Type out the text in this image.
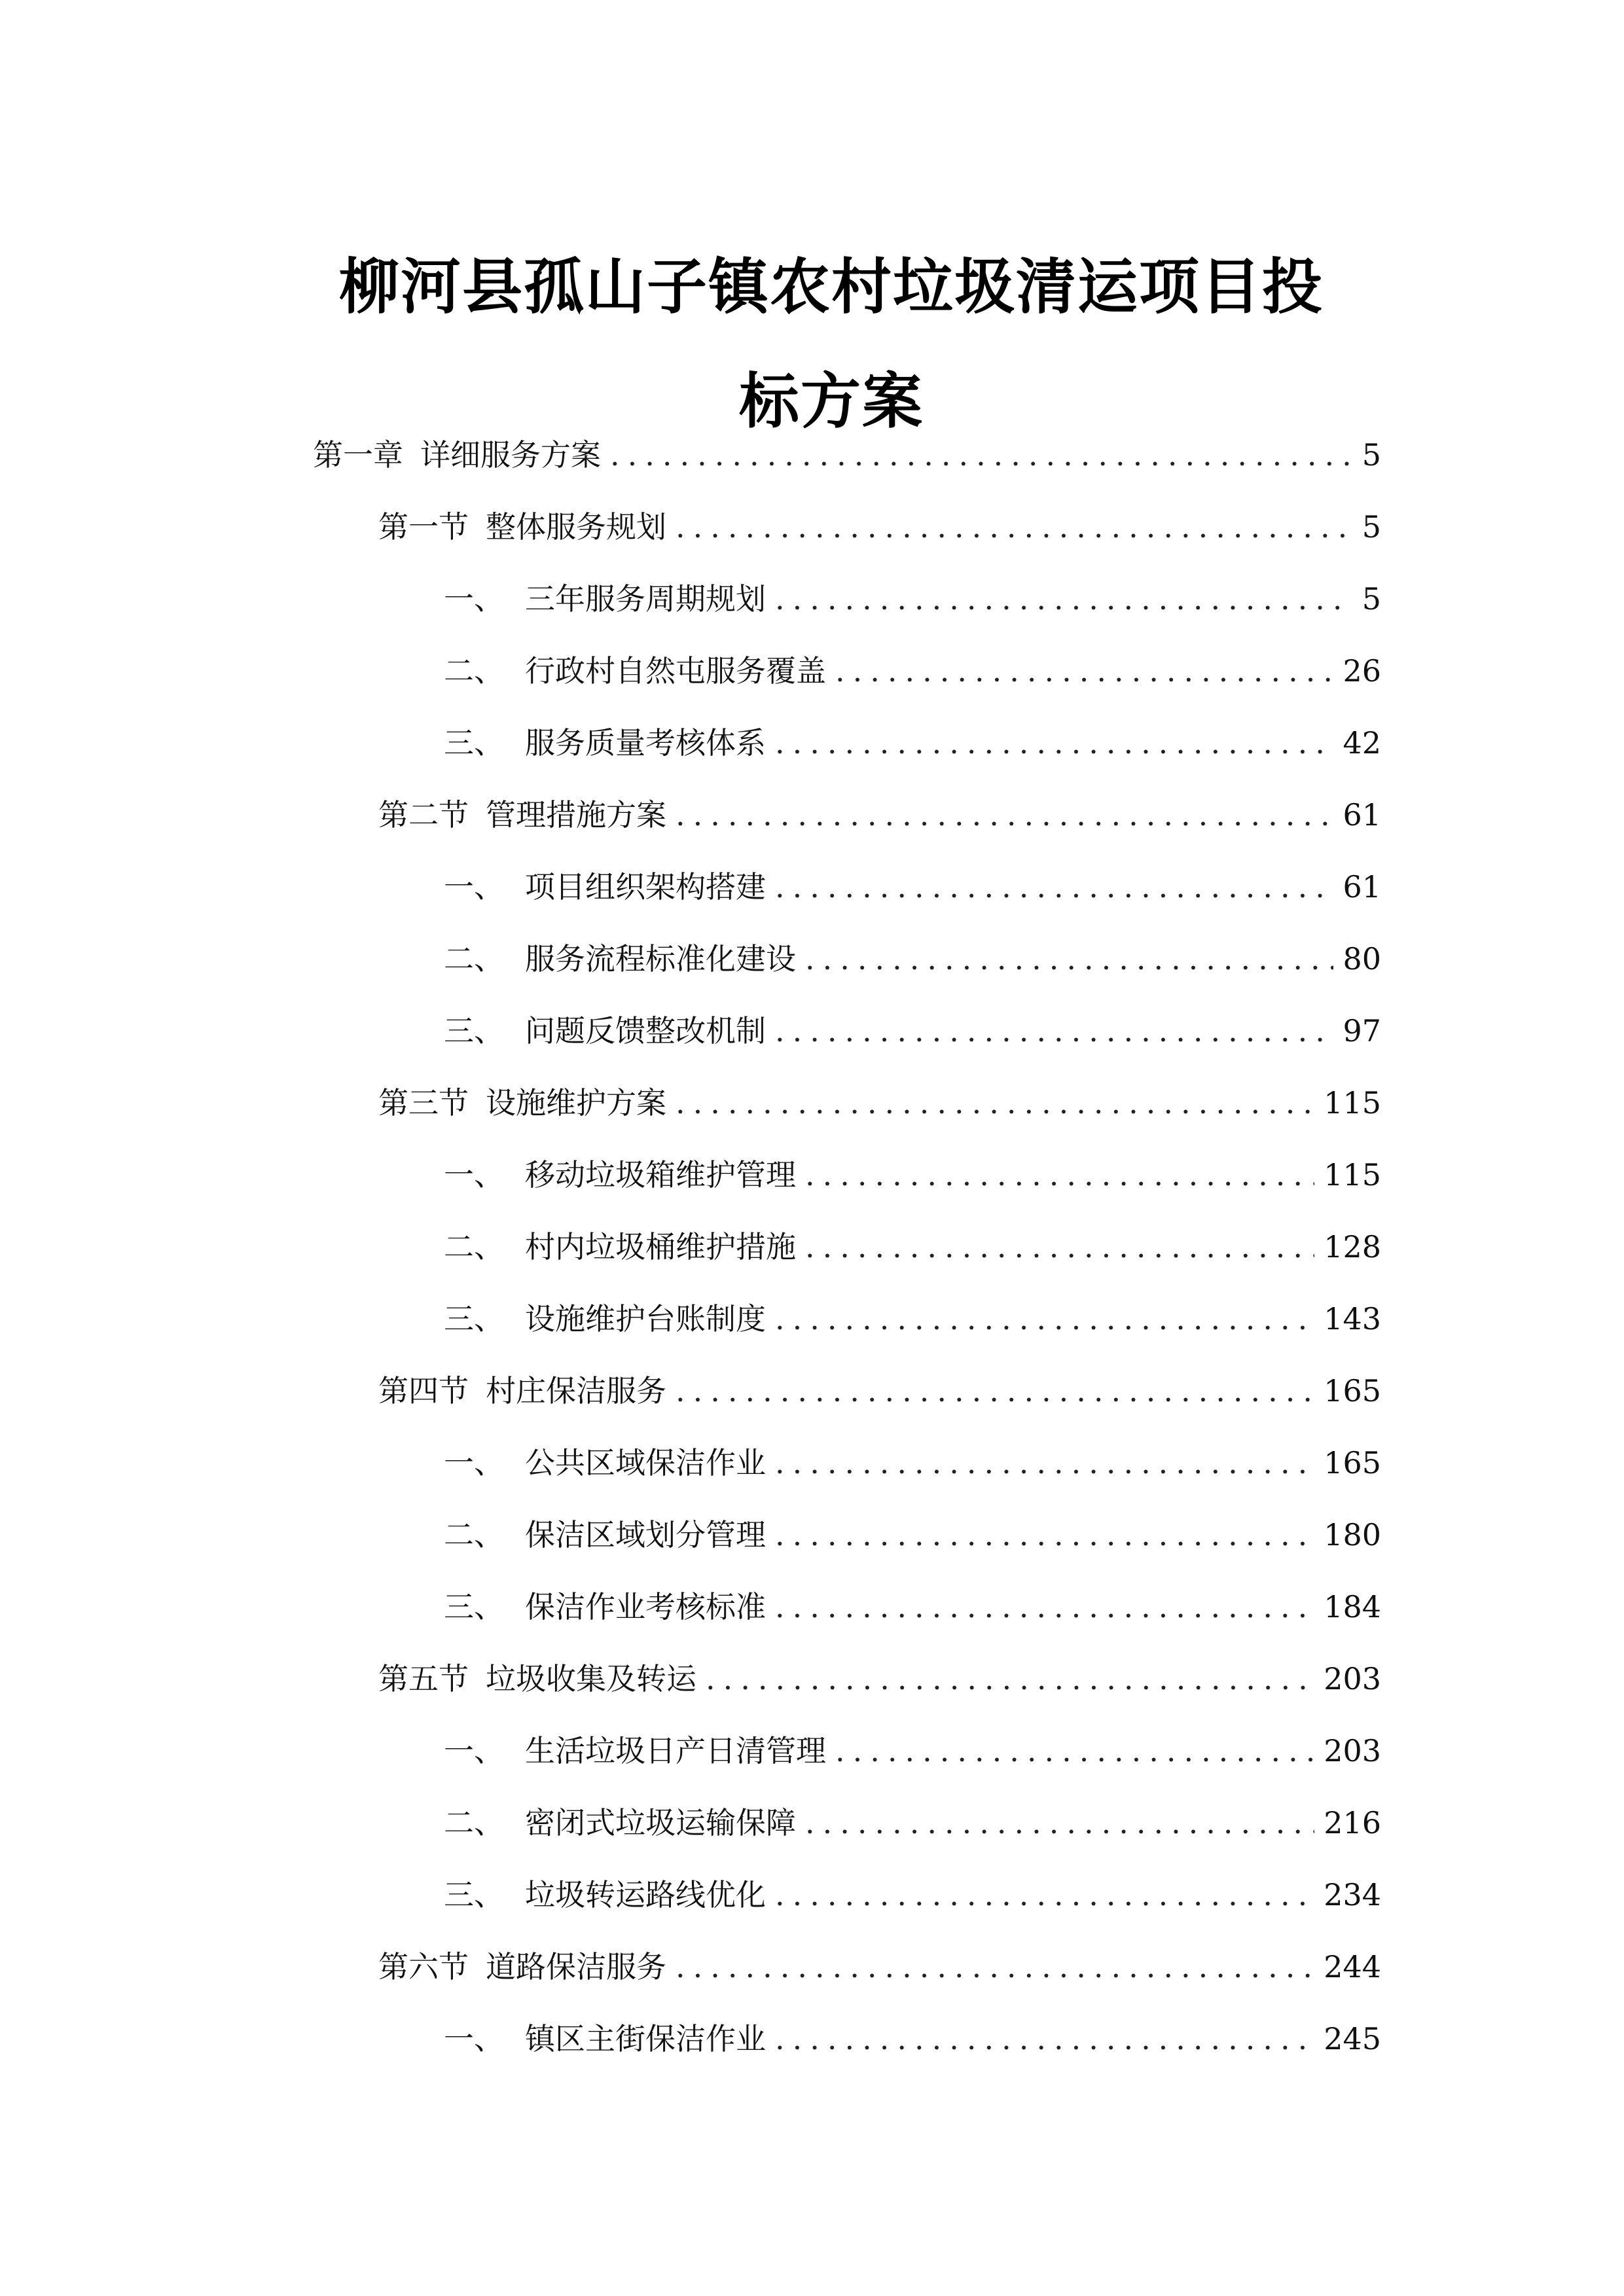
柳河县孤山子镇农村垃圾清运项目投
标方案
第一章 详细服务方案 .....	5
第一节 整体服务规划 .....	5
一、 三年服务周期规划 .....	5
二、 行政村自然屯服务覆盖 .....	26
三、 服务质量考核体系 .....	42
第二节 管理措施方案 .....	61
一、 项目组织架构搭建 .....	61
二、 服务流程标准化建设 .....	80
三、 问题反馈整改机制 .....	97
第三节 设施维护方案 .....	115
一、 移动垃圾箱维护管理 .....	115
二、 村内垃圾桶维护措施 .....	128
三、 设施维护台账制度 .....	143
第四节 村庄保洁服务 .....	165
一、 公共区域保洁作业 .....	165
二、 保洁区域划分管理 .....	180
三、 保洁作业考核标准 .....	184
第五节 垃圾收集及转运 .....	203
一、 生活垃圾日产日清管理 .....	203
二、 密闭式垃圾运输保障 .....	216
三、 垃圾转运路线优化 .....	234
第六节 道路保洁服务 .....	244
一、 镇区主街保洁作业 .....	245
